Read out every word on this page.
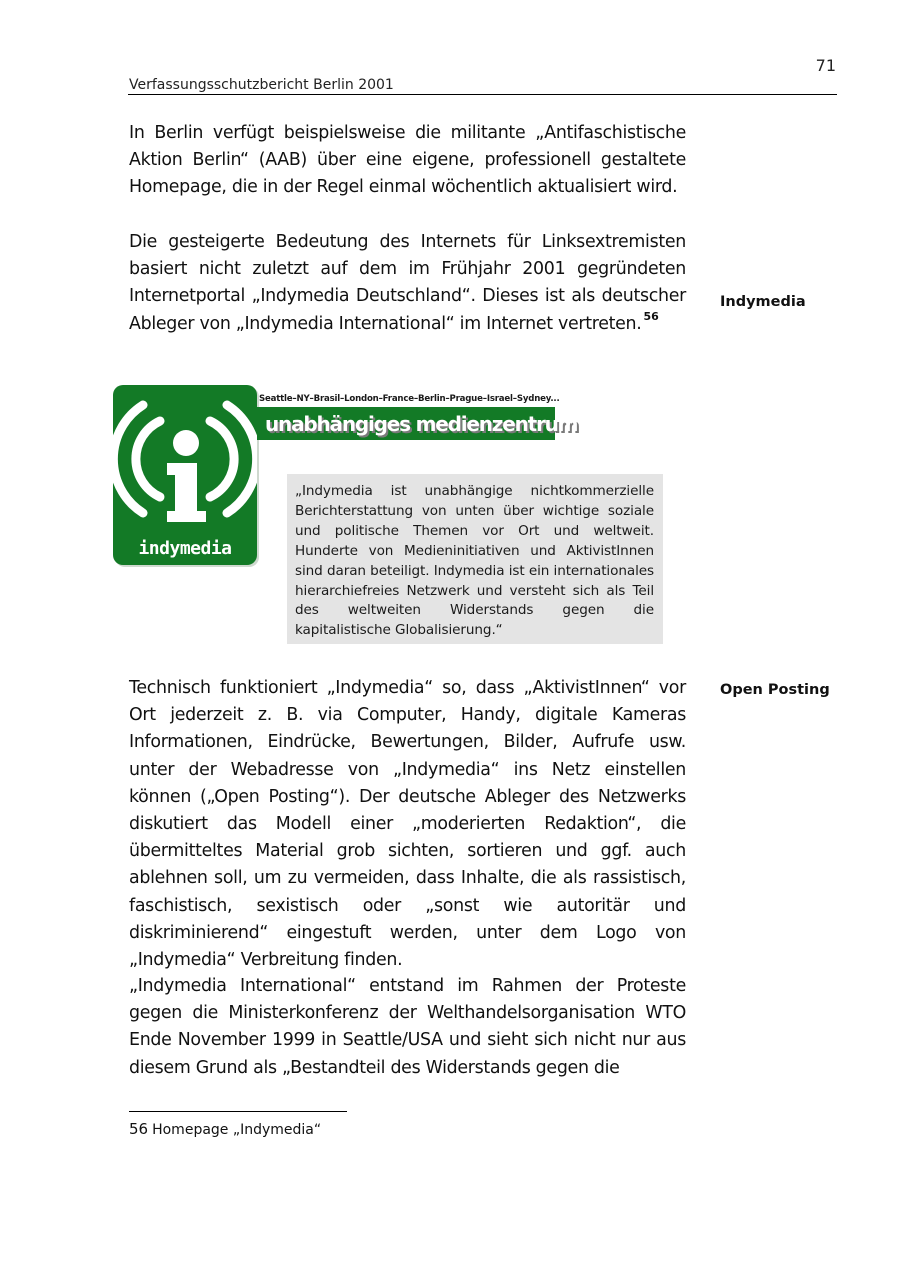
71
Verfassungsschutzbericht Berlin 2001

In Berlin verfügt beispielsweise die militante „Antifaschistische Aktion Berlin“ (AAB) über eine eigene, professionell gestaltete Homepage, die in der Regel einmal wöchentlich aktualisiert wird.

Die gesteigerte Bedeutung des Internets für Linksextremisten basiert nicht zuletzt auf dem im Frühjahr 2001 gegründeten Internetportal „Indymedia Deutschland“. Dieses ist als deutscher Ableger von „Indymedia International“ im Internet vertreten. $^{56}$

Indymedia
indymedia
Seattle–NY–Brasil–London–France–Berlin–Prague–Israel–Sydney...
unabhängiges medienzentrum

„Indymedia ist unabhängige nichtkommerzielle Berichterstattung von unten über wichtige soziale und politische Themen vor Ort und weltweit. Hunderte von Medieninitiativen und AktivistInnen sind daran beteiligt. Indymedia ist ein internationales hierarchiefreies Netzwerk und versteht sich als Teil des weltweiten Widerstands gegen die kapitalistische Globalisierung.“

Technisch funktioniert „Indymedia“ so, dass „AktivistInnen“ vor Ort jederzeit z. B. via Computer, Handy, digitale Kameras Informationen, Eindrücke, Bewertungen, Bilder, Aufrufe usw. unter der Webadresse von „Indymedia“ ins Netz einstellen können („Open Posting“). Der deutsche Ableger des Netzwerks diskutiert das Modell einer „moderierten Redaktion“, die übermitteltes Material grob sichten, sortieren und ggf. auch ablehnen soll, um zu vermeiden, dass Inhalte, die als rassistisch, faschistisch, sexistisch oder „sonst wie autoritär und diskriminierend“ eingestuft werden, unter dem Logo von „Indymedia“ Verbreitung finden.

Open Posting

„Indymedia International“ entstand im Rahmen der Proteste gegen die Ministerkonferenz der Welthandelsorganisation WTO Ende November 1999 in Seattle/USA und sieht sich nicht nur aus diesem Grund als „Bestandteil des Widerstands gegen die

56 Homepage „Indymedia“
